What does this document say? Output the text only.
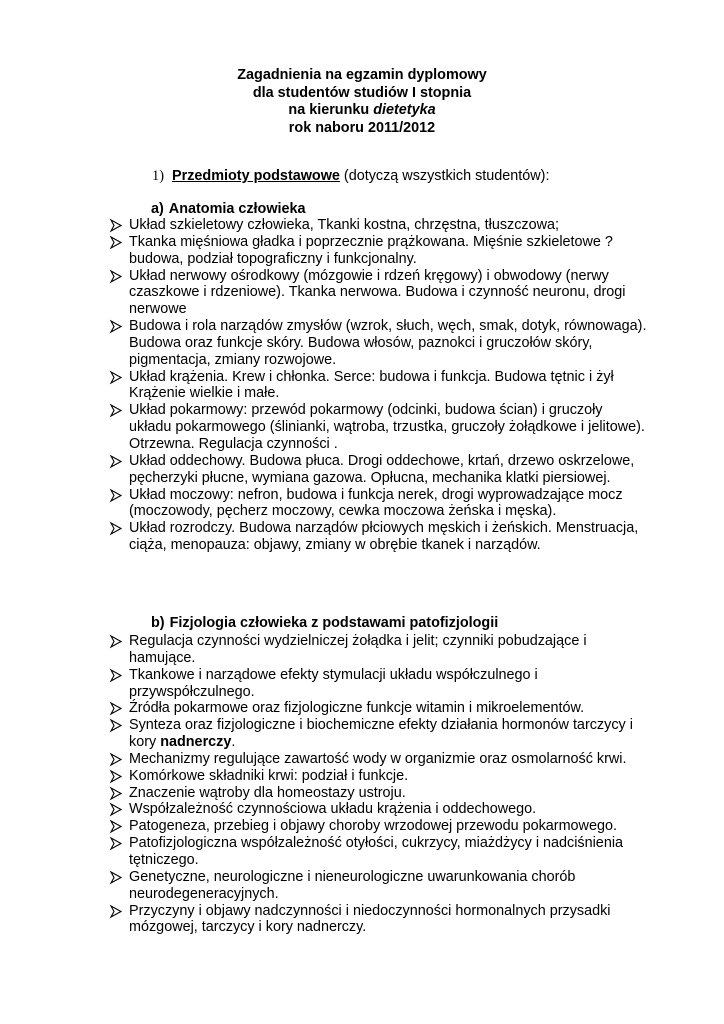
Zagadnienia na egzamin dyplomowy
dla studentów studiów I stopnia
na kierunku dietetyka
rok naboru 2011/2012
1) Przedmioty podstawowe (dotyczą wszystkich studentów):
a) Anatomia człowieka
Układ szkieletowy człowieka, Tkanki kostna, chrzęstna, tłuszczowa;
Tkanka mięśniowa gładka i poprzecznie prążkowana. Mięśnie szkieletowe ? budowa, podział topograficzny i funkcjonalny.
Układ nerwowy ośrodkowy (mózgowie i rdzeń kręgowy) i obwodowy (nerwy czaszkowe i rdzeniowe). Tkanka nerwowa. Budowa i czynność neuronu, drogi nerwowe
Budowa i rola narządów zmysłów (wzrok, słuch, węch, smak, dotyk, równowaga). Budowa oraz funkcje skóry. Budowa włosów, paznokci i gruczołów skóry, pigmentacja, zmiany rozwojowe.
Układ krążenia. Krew i chłonka. Serce: budowa i funkcja. Budowa tętnic i żył Krążenie wielkie i małe.
Układ pokarmowy: przewód pokarmowy (odcinki, budowa ścian) i gruczoły układu pokarmowego (ślinianki, wątroba, trzustka, gruczoły żołądkowe i jelitowe). Otrzewna. Regulacja czynności .
Układ oddechowy. Budowa płuca. Drogi oddechowe, krtań, drzewo oskrzelowe, pęcherzyki płucne, wymiana gazowa. Opłucna, mechanika klatki piersiowej.
Układ moczowy: nefron, budowa i funkcja nerek, drogi wyprowadzające mocz (moczowody, pęcherz moczowy, cewka moczowa żeńska i męska).
Układ rozrodczy. Budowa narządów płciowych męskich i żeńskich. Menstruacja, ciąża, menopauza: objawy, zmiany w obrębie tkanek i narządów.
b) Fizjologia człowieka z podstawami patofizjologii
Regulacja czynności wydzielniczej żołądka i jelit; czynniki pobudzające i hamujące.
Tkankowe i narządowe efekty stymulacji układu współczulnego i przywspółczulnego.
Źródła pokarmowe oraz fizjologiczne funkcje witamin i mikroelementów.
Synteza oraz fizjologiczne i biochemiczne efekty działania hormonów tarczycy i kory nadnerczy.
Mechanizmy regulujące zawartość wody w organizmie oraz osmolarność krwi.
Komórkowe składniki krwi: podział i funkcje.
Znaczenie wątroby dla homeostazy ustroju.
Współzależność czynnościowa układu krążenia i oddechowego.
Patogeneza, przebieg i objawy choroby wrzodowej przewodu pokarmowego.
Patofizjologiczna współzależność otyłości, cukrzycy, miażdżycy i nadciśnienia tętniczego.
Genetyczne, neurologiczne i nieneurologiczne uwarunkowania chorób neurodegeneracyjnych.
Przyczyny i objawy nadczynności i niedoczynności hormonalnych przysadki mózgowej, tarczycy i kory nadnerczy.
